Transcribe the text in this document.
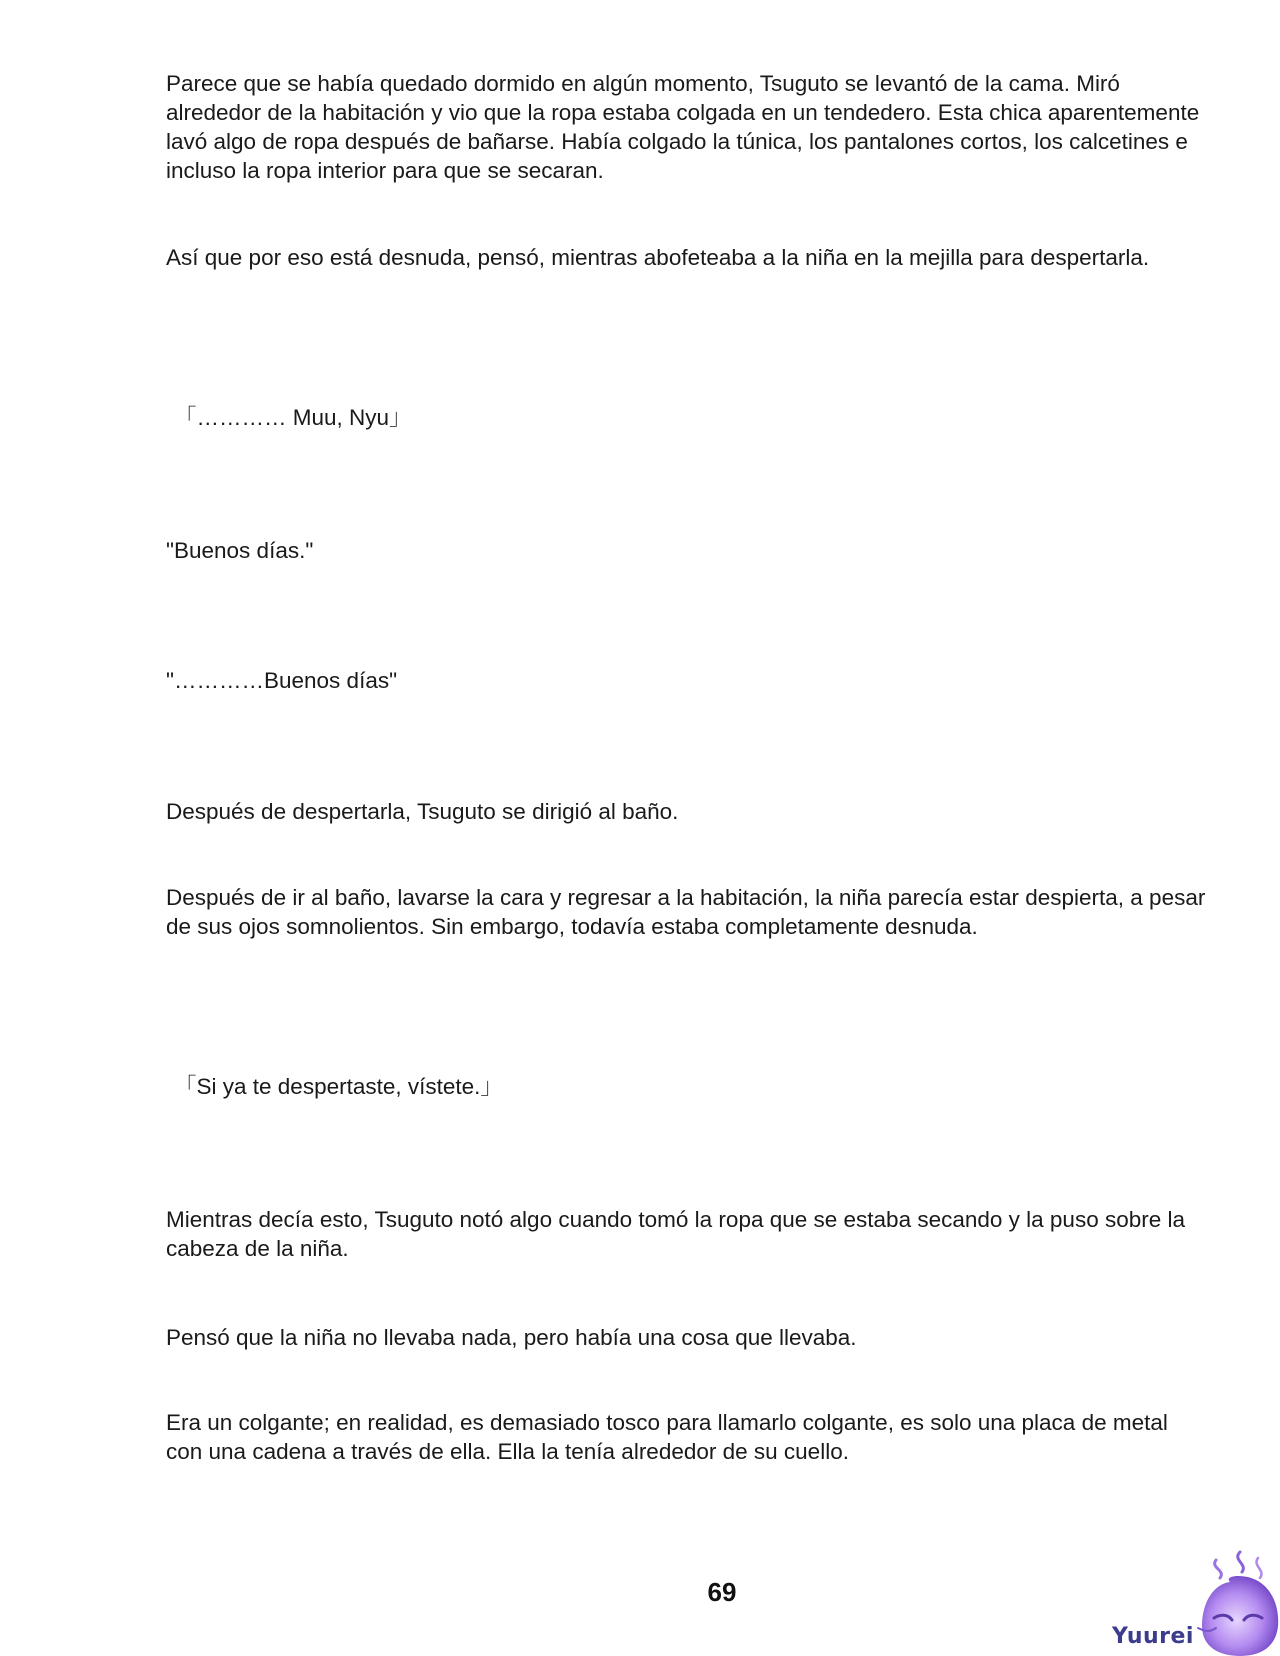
Parece que se había quedado dormido en algún momento, Tsuguto se levantó de la cama. Miró alrededor de la habitación y vio que la ropa estaba colgada en un tendedero. Esta chica aparentemente lavó algo de ropa después de bañarse. Había colgado la túnica, los pantalones cortos, los calcetines e incluso la ropa interior para que se secaran.

Así que por eso está desnuda, pensó, mientras abofeteaba a la niña en la mejilla para despertarla.

「………… Muu, Nyu」

"Buenos días."

"…………Buenos días"

Después de despertarla, Tsuguto se dirigió al baño.

Después de ir al baño, lavarse la cara y regresar a la habitación, la niña parecía estar despierta, a pesar de sus ojos somnolientos. Sin embargo, todavía estaba completamente desnuda.

「Si ya te despertaste, vístete.」

Mientras decía esto, Tsuguto notó algo cuando tomó la ropa que se estaba secando y la puso sobre la cabeza de la niña.

Pensó que la niña no llevaba nada, pero había una cosa que llevaba.

Era un colgante; en realidad, es demasiado tosco para llamarlo colgante, es solo una placa de metal con una cadena a través de ella. Ella la tenía alrededor de su cuello.

69
Yuurei
